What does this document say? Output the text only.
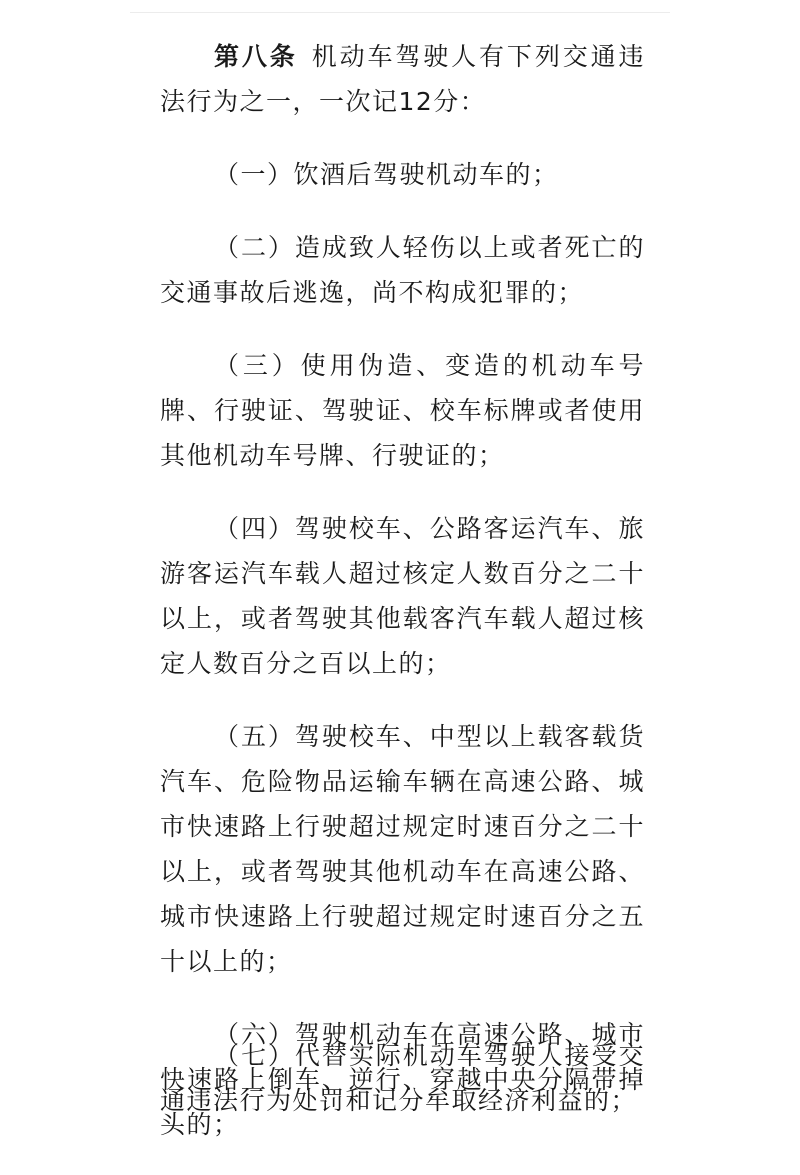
第八条 机动车驾驶人有下列交通违法行为之一，一次记12分：

（一）饮酒后驾驶机动车的；

（二）造成致人轻伤以上或者死亡的交通事故后逃逸，尚不构成犯罪的；

（三）使用伪造、变造的机动车号牌、行驶证、驾驶证、校车标牌或者使用其他机动车号牌、行驶证的；

（四）驾驶校车、公路客运汽车、旅游客运汽车载人超过核定人数百分之二十以上，或者驾驶其他载客汽车载人超过核定人数百分之百以上的；

（五）驾驶校车、中型以上载客载货汽车、危险物品运输车辆在高速公路、城市快速路上行驶超过规定时速百分之二十以上，或者驾驶其他机动车在高速公路、城市快速路上行驶超过规定时速百分之五十以上的；

（六）驾驶机动车在高速公路、城市快速路上倒车、逆行、穿越中央分隔带掉头的；

（七）代替实际机动车驾驶人接受交通违法行为处罚和记分牟取经济利益的；
